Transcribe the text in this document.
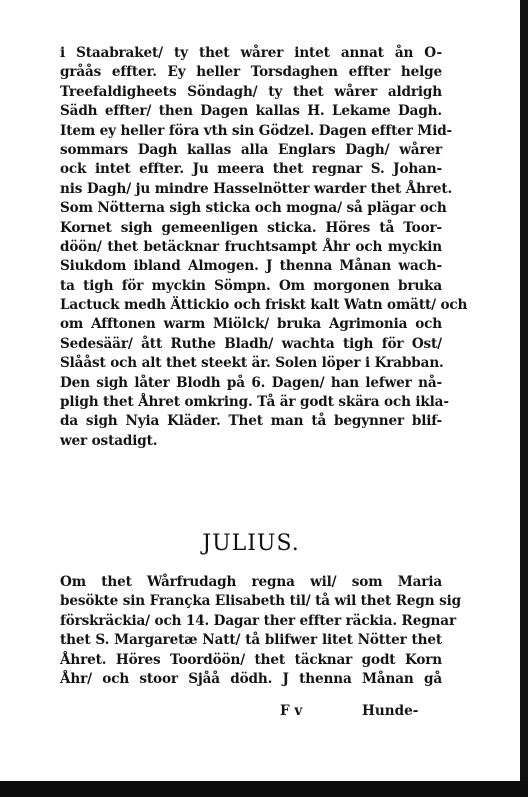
i Staabraket/ ty thet wårer intet annat ån O-
gråås effter. Ey heller Torsdaghen effter helge
Treefaldigheets Söndagh/ ty thet wårer aldrigh
Sädh effter/ then Dagen kallas H. Lekame Dagh.
Item ey heller föra vth sin Gödzel. Dagen effter Mid-
sommars Dagh kallas alla Englars Dagh/ wårer
ock intet effter. Ju meera thet regnar S. Johan-
nis Dagh/ ju mindre Hasselnötter warder thet Åhret.
Som Nötterna sigh sticka och mogna/ så plägar och
Kornet sigh gemeenligen sticka. Höres tå Toor-
döön/ thet betäcknar fruchtsampt Åhr och myckin
Siukdom ibland Almogen. J thenna Månan wach-
ta tigh för myckin Sömpn. Om morgonen bruka
Lactuck medh Ättickio och friskt kalt Watn omätt/ och
om Afftonen warm Miölck/ bruka Agrimonia och
Sedesäär/ ått Ruthe Bladh/ wachta tigh för Ost/
Slååst och alt thet steekt är. Solen löper i Krabban.
Den sigh låter Blodh på 6. Dagen/ han lefwer nå-
pligh thet Åhret omkring. Tå är godt skära och ikla-
da sigh Nyia Kläder. Thet man tå begynner blif-
wer ostadigt.
JULIUS.
Om thet Wårfrudagh regna wil/ som Maria
besökte sin Françka Elisabeth til/ tå wil thet Regn sig
förskräckia/ och 14. Dagar ther effter räckia. Regnar
thet S. Margaretæ Natt/ tå blifwer litet Nötter thet
Åhret. Höres Toordöön/ thet täcknar godt Korn
Åhr/ och stoor Sjåå dödh. J thenna Månan gå
F v	Hunde-
